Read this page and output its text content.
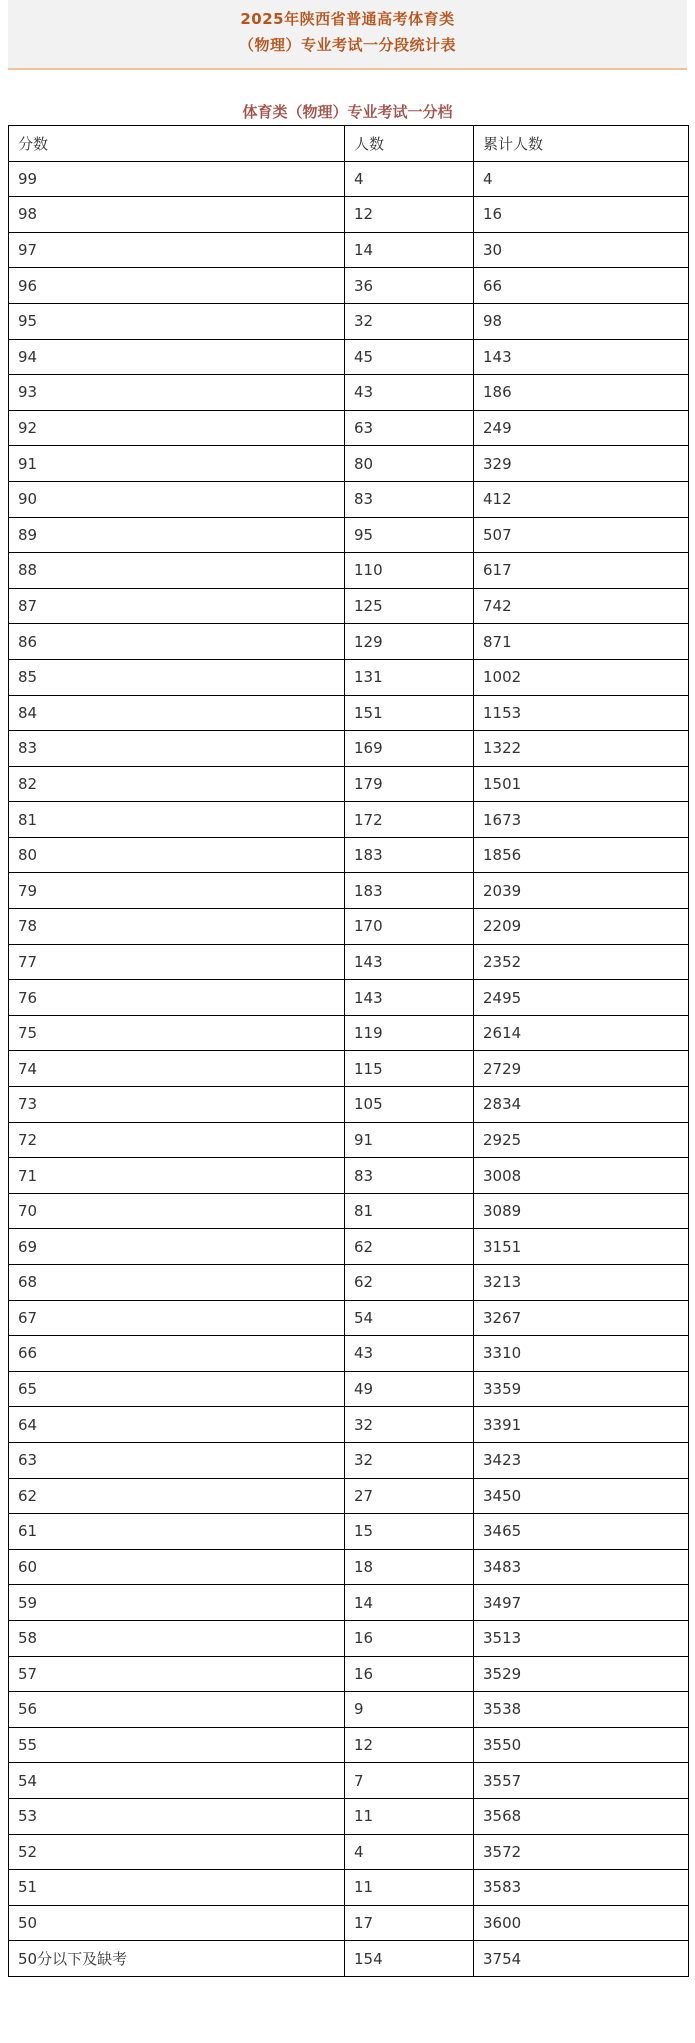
2025年陕西省普通高考体育类
（物理）专业考试一分段统计表
体育类（物理）专业考试一分档
分数	人数	累计人数
99	4	4
98	12	16
97	14	30
96	36	66
95	32	98
94	45	143
93	43	186
92	63	249
91	80	329
90	83	412
89	95	507
88	110	617
87	125	742
86	129	871
85	131	1002
84	151	1153
83	169	1322
82	179	1501
81	172	1673
80	183	1856
79	183	2039
78	170	2209
77	143	2352
76	143	2495
75	119	2614
74	115	2729
73	105	2834
72	91	2925
71	83	3008
70	81	3089
69	62	3151
68	62	3213
67	54	3267
66	43	3310
65	49	3359
64	32	3391
63	32	3423
62	27	3450
61	15	3465
60	18	3483
59	14	3497
58	16	3513
57	16	3529
56	9	3538
55	12	3550
54	7	3557
53	11	3568
52	4	3572
51	11	3583
50	17	3600
50分以下及缺考	154	3754
